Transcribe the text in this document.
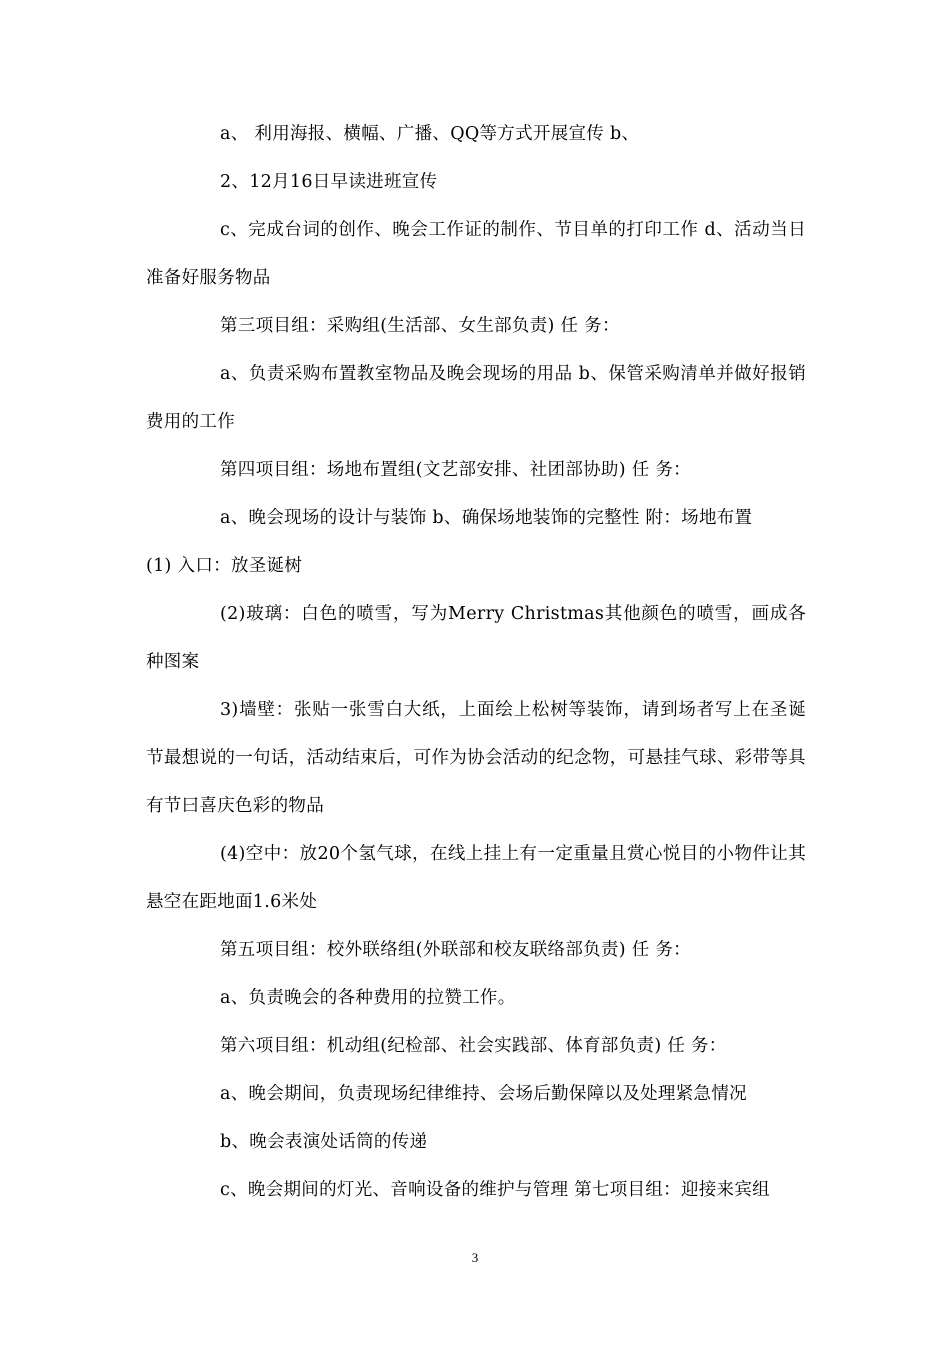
a、 利用海报、横幅、广播、QQ等方式开展宣传 b、

2、12月16日早读进班宣传

c、完成台词的创作、晚会工作证的制作、节目单的打印工作 d、活动当日准备好服务物品

第三项目组：采购组(生活部、女生部负责) 任 务：

a、负责采购布置教室物品及晚会现场的用品 b、保管采购清单并做好报销费用的工作

第四项目组：场地布置组(文艺部安排、社团部协助) 任 务：

a、晚会现场的设计与装饰 b、确保场地装饰的完整性 附：场地布置

(1) 入口：放圣诞树

(2)玻璃：白色的喷雪，写为Merry Christmas其他颜色的喷雪，画成各种图案

3)墙壁：张贴一张雪白大纸，上面绘上松树等装饰，请到场者写上在圣诞节最想说的一句话，活动结束后，可作为协会活动的纪念物，可悬挂气球、彩带等具有节曰喜庆色彩的物品

(4)空中：放20个氢气球，在线上挂上有一定重量且赏心悦目的小物件让其悬空在距地面1.6米处

第五项目组：校外联络组(外联部和校友联络部负责) 任 务：

a、负责晚会的各种费用的拉赞工作。

第六项目组：机动组(纪检部、社会实践部、体育部负责) 任 务：

a、晚会期间，负责现场纪律维持、会场后勤保障以及处理紧急情况

b、晚会表演处话筒的传递

c、晚会期间的灯光、音响设备的维护与管理 第七项目组：迎接来宾组

3
